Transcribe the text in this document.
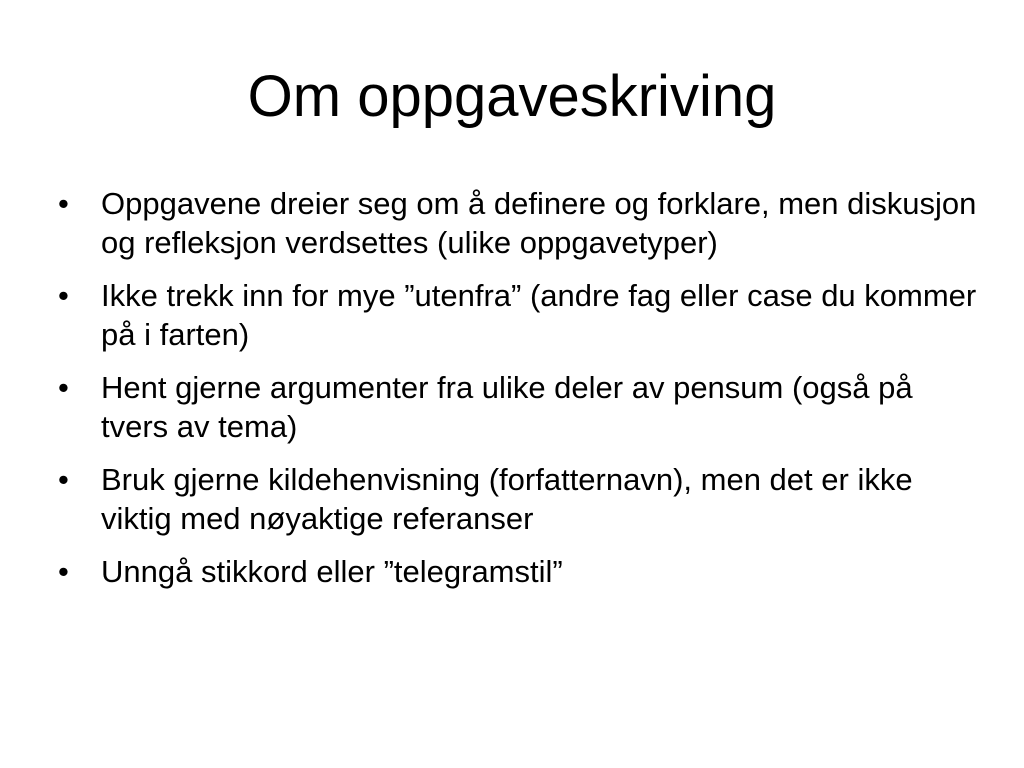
Om oppgaveskriving
•	Oppgavene dreier seg om å definere og forklare, men diskusjon og refleksjon verdsettes (ulike oppgavetyper)
•	Ikke trekk inn for mye ”utenfra” (andre fag eller case du kommer på i farten)
•	Hent gjerne argumenter fra ulike deler av pensum (også på tvers av tema)
•	Bruk gjerne kildehenvisning (forfatternavn), men det er ikke viktig med nøyaktige referanser
•	Unngå stikkord eller ”telegramstil”
